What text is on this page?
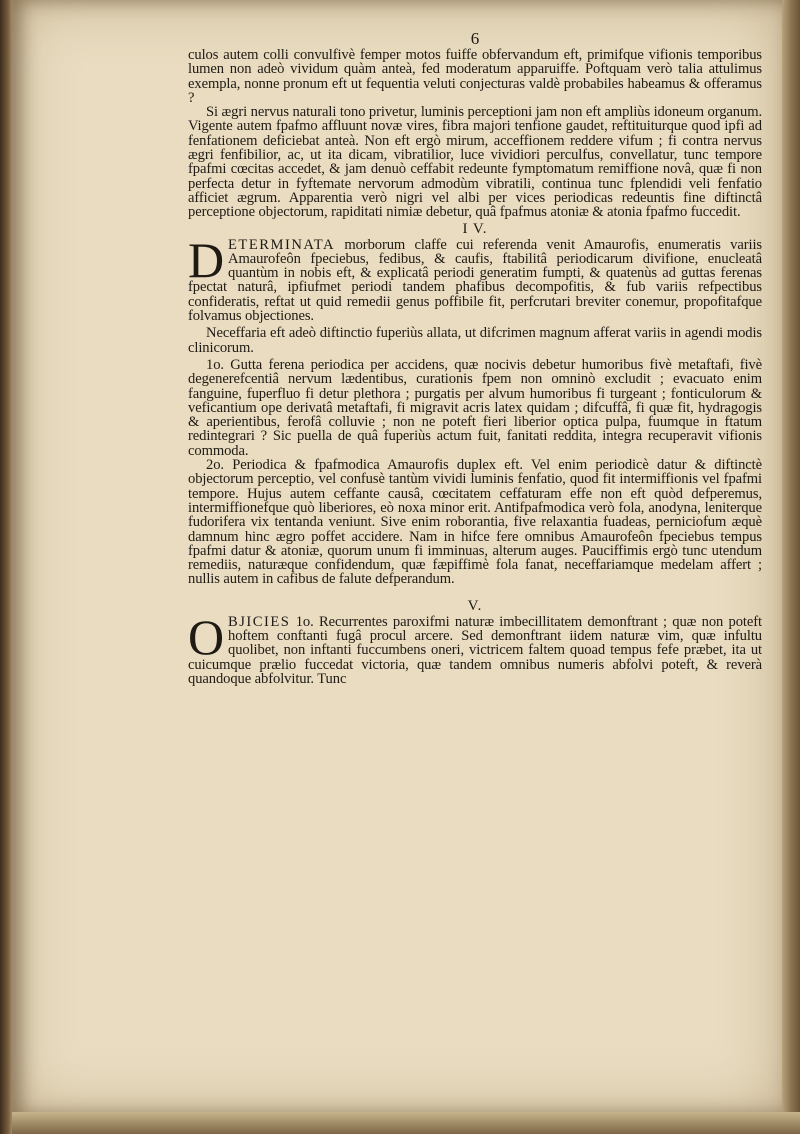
6

culos autem colli convulfivè femper motos fuiffe obfervandum eft, primifque vifionis temporibus lumen non adeò vividum quàm anteà, fed moderatum apparuiffe. Poftquam verò talia attulimus exempla, nonne pronum eft ut fequentia veluti conjecturas valdè probabiles habeamus & offeramus ?

Si ægri nervus naturali tono privetur, luminis perceptioni jam non eft ampliùs idoneum organum. Vigente autem fpafmo affluunt novæ vires, fibra majori tenfione gaudet, reftituiturque quod ipfi ad fenfationem deficiebat anteà. Non eft ergò mirum, acceffionem reddere vifum ; fi contra nervus ægri fenfibilior, ac, ut ita dicam, vibratilior, luce vividiori perculfus, convellatur, tunc tempore fpafmi cœcitas accedet, & jam denuò ceffabit redeunte fymptomatum remiffione novâ, quæ fi non perfecta detur in fyftemate nervorum admodùm vibratili, continua tunc fplendidi veli fenfatio afficiet ægrum. Apparentia verò nigri vel albi per vices periodicas redeuntis fine diftinctâ perceptione objectorum, rapiditati nimiæ debetur, quâ fpafmus atoniæ & atonia fpafmo fuccedit.

I V.

DETERMINATA morborum claffe cui referenda venit Amaurofis, enumeratis variis Amaurofeôn fpeciebus, fedibus, & caufis, ftabilitâ periodicarum divifione, enucleatâ quantùm in nobis eft, & explicatâ periodi generatim fumpti, & quatenùs ad guttas ferenas fpectat naturâ, ipfiufmet periodi tandem phafibus decompofitis, & fub variis refpectibus confideratis, reftat ut quid remedii genus poffibile fit, perfcrutari breviter conemur, propofitafque folvamus objectiones.

Neceffaria eft adeò diftinctio fuperiùs allata, ut difcrimen magnum afferat variis in agendi modis clinicorum.

1o. Gutta ferena periodica per accidens, quæ nocivis debetur humoribus fivè metaftafi, fivè degenerefcentiâ nervum lædentibus, curationis fpem non omninò excludit ; evacuato enim fanguine, fuperfluo fi detur plethora ; purgatis per alvum humoribus fi turgeant ; fonticulorum & veficantium ope derivatâ metaftafi, fi migravit acris latex quidam ; difcuffâ, fi quæ fit, hydragogis & aperientibus, ferofâ colluvie ; non ne poteft fieri liberior optica pulpa, fuumque in ftatum redintegrari ? Sic puella de quâ fuperiùs actum fuit, fanitati reddita, integra recuperavit vifionis commoda.

2o. Periodica & fpafmodica Amaurofis duplex eft. Vel enim periodicè datur & diftinctè objectorum perceptio, vel confusè tantùm vividi luminis fenfatio, quod fit intermiffionis vel fpafmi tempore. Hujus autem ceffante causâ, cœcitatem ceffaturam effe non eft quòd defperemus, intermiffionefque quò liberiores, eò noxa minor erit. Antifpafmodica verò fola, anodyna, leniterque fudorifera vix tentanda veniunt. Sive enim roborantia, five relaxantia fuadeas, perniciofum æquè damnum hinc ægro poffet accidere. Nam in hifce fere omnibus Amaurofeôn fpeciebus tempus fpafmi datur & atoniæ, quorum unum fi imminuas, alterum auges. Pauciffimis ergò tunc utendum remediis, naturæque confidendum, quæ fæpiffimè fola fanat, neceffariamque medelam affert ; nullis autem in cafibus de falute defperandum.

V.

OBJICIES 1o. Recurrentes paroxifmi naturæ imbecillitatem demonftrant ; quæ non poteft hoftem conftanti fugâ procul arcere. Sed demonftrant iidem naturæ vim, quæ infultu quolibet, non inftanti fuccumbens oneri, victricem faltem quoad tempus fefe præbet, ita ut cuicumque prælio fuccedat victoria, quæ tandem omnibus numeris abfolvi poteft, & reverà quandoque abfolvitur. Tunc
